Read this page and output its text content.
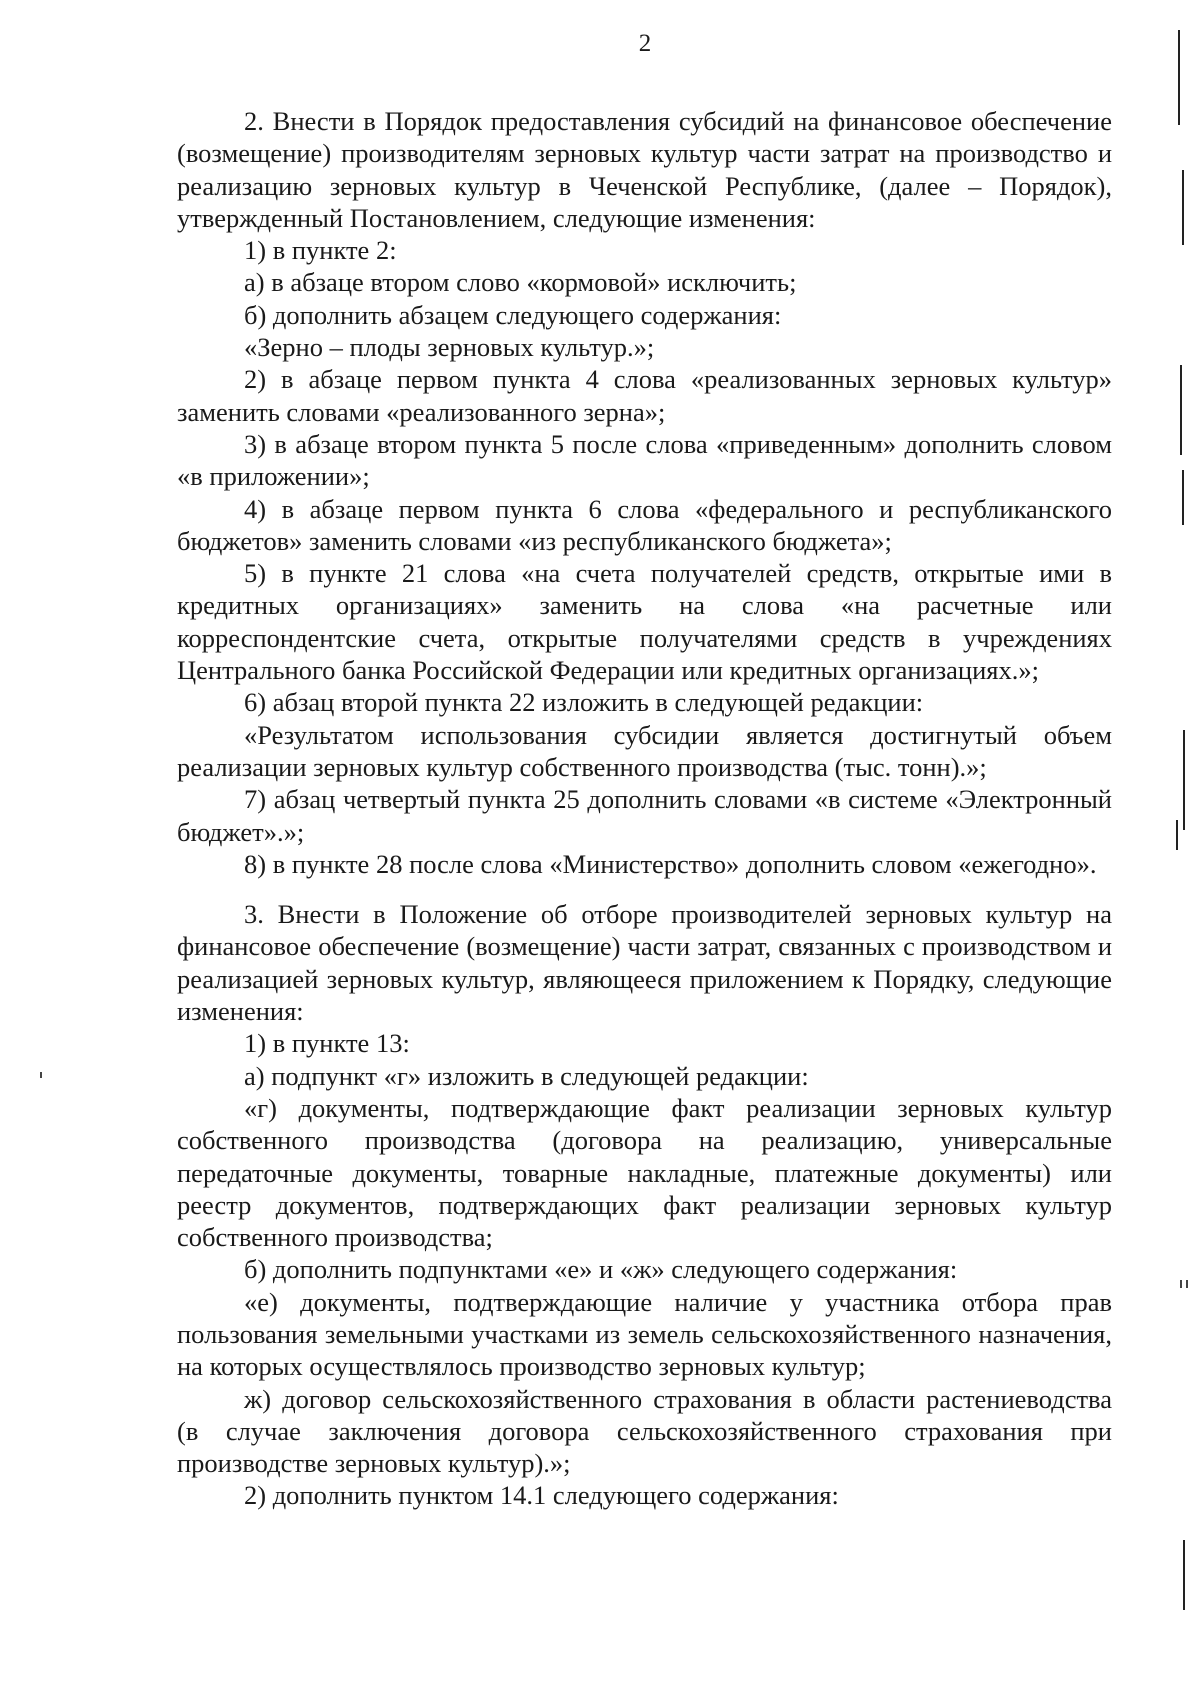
2

2. Внести в Порядок предоставления субсидий на финансовое обеспечение (возмещение) производителям зерновых культур части затрат на производство и реализацию зерновых культур в Чеченской Республике, (далее – Порядок), утвержденный Постановлением, следующие изменения:

1) в пункте 2:

а) в абзаце втором слово «кормовой» исключить;

б) дополнить абзацем следующего содержания:

«Зерно – плоды зерновых культур.»;

2) в абзаце первом пункта 4 слова «реализованных зерновых культур» заменить словами «реализованного зерна»;

3) в абзаце втором пункта 5 после слова «приведенным» дополнить словом «в приложении»;

4) в абзаце первом пункта 6 слова «федерального и республиканского бюджетов» заменить словами «из республиканского бюджета»;

5) в пункте 21 слова «на счета получателей средств, открытые ими в кредитных организациях» заменить на слова «на расчетные или корреспондентские счета, открытые получателями средств в учреждениях Центрального банка Российской Федерации или кредитных организациях.»;

6) абзац второй пункта 22 изложить в следующей редакции:

«Результатом использования субсидии является достигнутый объем реализации зерновых культур собственного производства (тыс. тонн).»;

7) абзац четвертый пункта 25 дополнить словами «в системе «Электронный бюджет».»;

8) в пункте 28 после слова «Министерство» дополнить словом «ежегодно».

3. Внести в Положение об отборе производителей зерновых культур на финансовое обеспечение (возмещение) части затрат, связанных с производством и реализацией зерновых культур, являющееся приложением к Порядку, следующие изменения:

1) в пункте 13:

а) подпункт «г» изложить в следующей редакции:

«г) документы, подтверждающие факт реализации зерновых культур собственного производства (договора на реализацию, универсальные передаточные документы, товарные накладные, платежные документы) или реестр документов, подтверждающих факт реализации зерновых культур собственного производства;

б) дополнить подпунктами «е» и «ж» следующего содержания:

«е) документы, подтверждающие наличие у участника отбора прав пользования земельными участками из земель сельскохозяйственного назначения, на которых осуществлялось производство зерновых культур;

ж) договор сельскохозяйственного страхования в области растениеводства (в случае заключения договора сельскохозяйственного страхования при производстве зерновых культур).»;

2) дополнить пунктом 14.1 следующего содержания:
